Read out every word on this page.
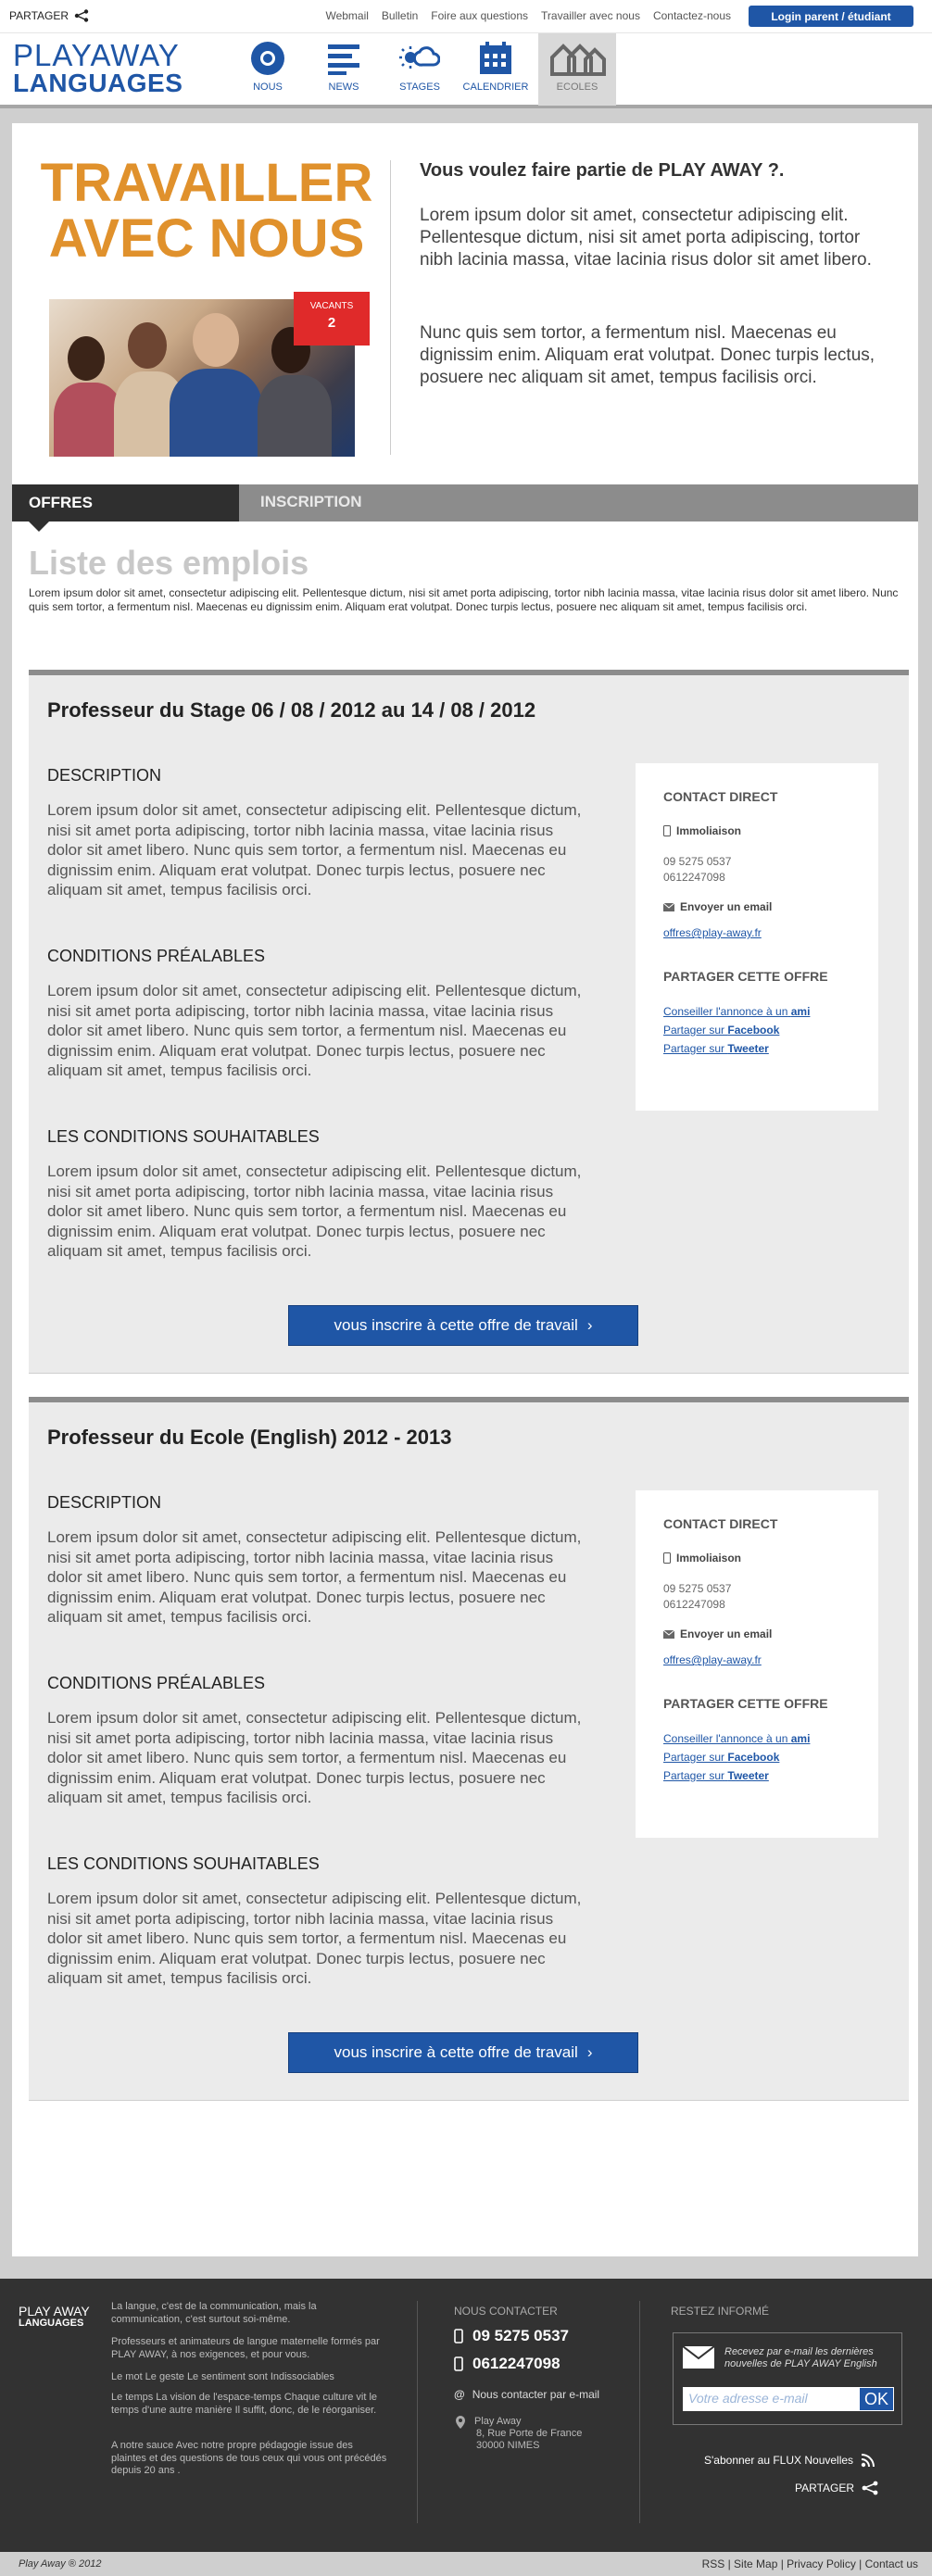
PARTAGER	Webmail	Bulletin	Foire aux questions	Travailler avec nous	Contactez-nous	Login parent / étudiant
PLAYAWAY
LANGUAGES	NOUS	NEWS	STAGES CALENDRIER	ECOLES
TRAVAILLER
AVEC NOUS
VACANTS
2
Vous voulez faire partie de PLAY AWAY ?.
Lorem ipsum dolor sit amet, consectetur adipiscing elit. Pellentesque dictum, nisi sit amet porta adipiscing, tortor nibh lacinia massa, vitae lacinia risus dolor sit amet libero.
Nunc quis sem tortor, a fermentum nisl. Maecenas eu dignissim enim. Aliquam erat volutpat. Donec turpis lectus, posuere nec aliquam sit amet, tempus facilisis orci.
OFFRES	INSCRIPTION
Liste des emplois
Lorem ipsum dolor sit amet, consectetur adipiscing elit. Pellentesque dictum, nisi sit amet porta adipiscing, tortor nibh lacinia massa, vitae lacinia risus dolor sit amet libero. Nunc quis sem tortor, a fermentum nisl. Maecenas eu dignissim enim. Aliquam erat volutpat. Donec turpis lectus, posuere nec aliquam sit amet, tempus facilisis orci.
Professeur du Stage 06 / 08 / 2012 au 14 / 08 / 2012
DESCRIPTION
Lorem ipsum dolor sit amet, consectetur adipiscing elit. Pellentesque dictum, nisi sit amet porta adipiscing, tortor nibh lacinia massa, vitae lacinia risus dolor sit amet libero. Nunc quis sem tortor, a fermentum nisl. Maecenas eu dignissim enim. Aliquam erat volutpat. Donec turpis lectus, posuere nec aliquam sit amet, tempus facilisis orci.
CONDITIONS PRÉALABLES
Lorem ipsum dolor sit amet, consectetur adipiscing elit. Pellentesque dictum, nisi sit amet porta adipiscing, tortor nibh lacinia massa, vitae lacinia risus dolor sit amet libero. Nunc quis sem tortor, a fermentum nisl. Maecenas eu dignissim enim. Aliquam erat volutpat. Donec turpis lectus, posuere nec aliquam sit amet, tempus facilisis orci.
LES CONDITIONS SOUHAITABLES
Lorem ipsum dolor sit amet, consectetur adipiscing elit. Pellentesque dictum, nisi sit amet porta adipiscing, tortor nibh lacinia massa, vitae lacinia risus dolor sit amet libero. Nunc quis sem tortor, a fermentum nisl. Maecenas eu dignissim enim. Aliquam erat volutpat. Donec turpis lectus, posuere nec aliquam sit amet, tempus facilisis orci.
CONTACT DIRECT
Immoliaison
09 5275 0537
0612247098
Envoyer un email
offres@play-away.fr
PARTAGER CETTE OFFRE
Conseiller l'annonce à un ami
Partager sur Facebook
Partager sur Tweeter
vous inscrire à cette offre de travail ›
Professeur du Ecole (English) 2012 - 2013
DESCRIPTION
Lorem ipsum dolor sit amet, consectetur adipiscing elit. Pellentesque dictum, nisi sit amet porta adipiscing, tortor nibh lacinia massa, vitae lacinia risus dolor sit amet libero. Nunc quis sem tortor, a fermentum nisl. Maecenas eu dignissim enim. Aliquam erat volutpat. Donec turpis lectus, posuere nec aliquam sit amet, tempus facilisis orci.
CONDITIONS PRÉALABLES
Lorem ipsum dolor sit amet, consectetur adipiscing elit. Pellentesque dictum, nisi sit amet porta adipiscing, tortor nibh lacinia massa, vitae lacinia risus dolor sit amet libero. Nunc quis sem tortor, a fermentum nisl. Maecenas eu dignissim enim. Aliquam erat volutpat. Donec turpis lectus, posuere nec aliquam sit amet, tempus facilisis orci.
LES CONDITIONS SOUHAITABLES
Lorem ipsum dolor sit amet, consectetur adipiscing elit. Pellentesque dictum, nisi sit amet porta adipiscing, tortor nibh lacinia massa, vitae lacinia risus dolor sit amet libero. Nunc quis sem tortor, a fermentum nisl. Maecenas eu dignissim enim. Aliquam erat volutpat. Donec turpis lectus, posuere nec aliquam sit amet, tempus facilisis orci.
CONTACT DIRECT
Immoliaison
09 5275 0537
0612247098
Envoyer un email
offres@play-away.fr
PARTAGER CETTE OFFRE
Conseiller l'annonce à un ami
Partager sur Facebook
Partager sur Tweeter
vous inscrire à cette offre de travail ›
PLAY AWAY
LANGUAGES
La langue, c'est de la communication, mais la communication, c'est surtout soi-même.
Professeurs et animateurs de langue maternelle formés par PLAY AWAY, à nos exigences, et pour vous.
Le mot Le geste Le sentiment sont Indissociables
Le temps La vision de l'espace-temps Chaque culture vit le temps d'une autre manière Il suffit, donc, de le réorganiser.
A notre sauce Avec notre propre pédagogie issue des plaintes et des questions de tous ceux qui vous ont précédés depuis 20 ans .
NOUS CONTACTER
09 5275 0537
0612247098
@ Nous contacter par e-mail
Play Away
8, Rue Porte de France
30000 NIMES
RESTEZ INFORMÉ
Recevez par e-mail les dernières nouvelles de PLAY AWAY English
Votre adresse e-mail	OK
S'abonner au FLUX Nouvelles
PARTAGER
Play Away ® 2012	RSS | Site Map | Privacy Policy | Contact us
